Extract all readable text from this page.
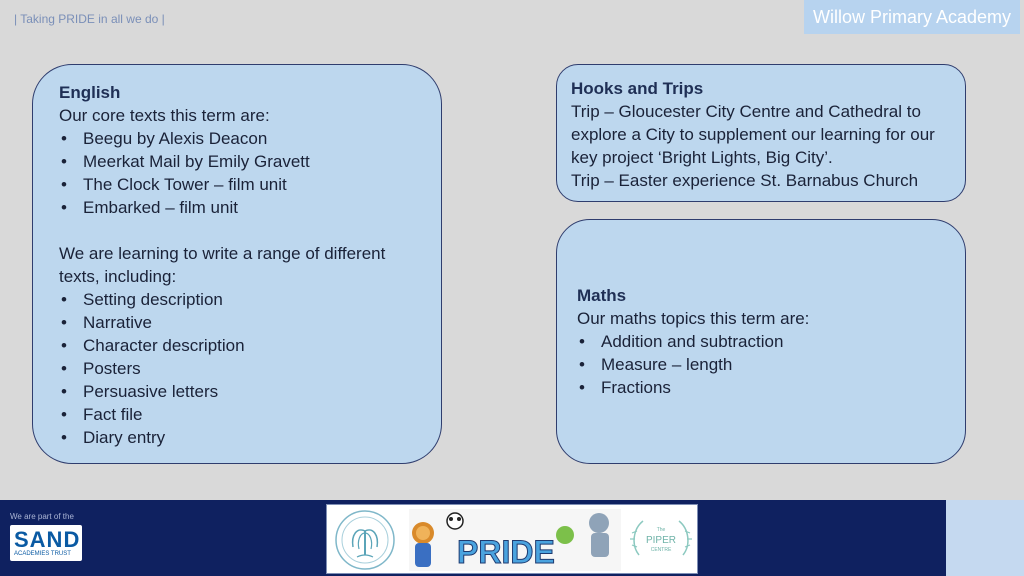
| Taking PRIDE in all we do |	Willow Primary Academy
English
Our core texts this term are:
• Beegu by Alexis Deacon
• Meerkat Mail by Emily Gravett
• The Clock Tower – film unit
• Embarked – film unit
We are learning to write a range of different texts, including:
• Setting description
• Narrative
• Character description
• Posters
• Persuasive letters
• Fact file
• Diary entry
Hooks and Trips
Trip – Gloucester City Centre and Cathedral to explore a City to supplement our learning for our key project ‘Bright Lights, Big City’.
Trip – Easter experience St. Barnabus Church
Maths
Our maths topics this term are:
• Addition and subtraction
• Measure – length
• Fractions
We are part of the
SAND
ACADEMIES TRUST	PRIDE
The
PIPER
CENTRE
